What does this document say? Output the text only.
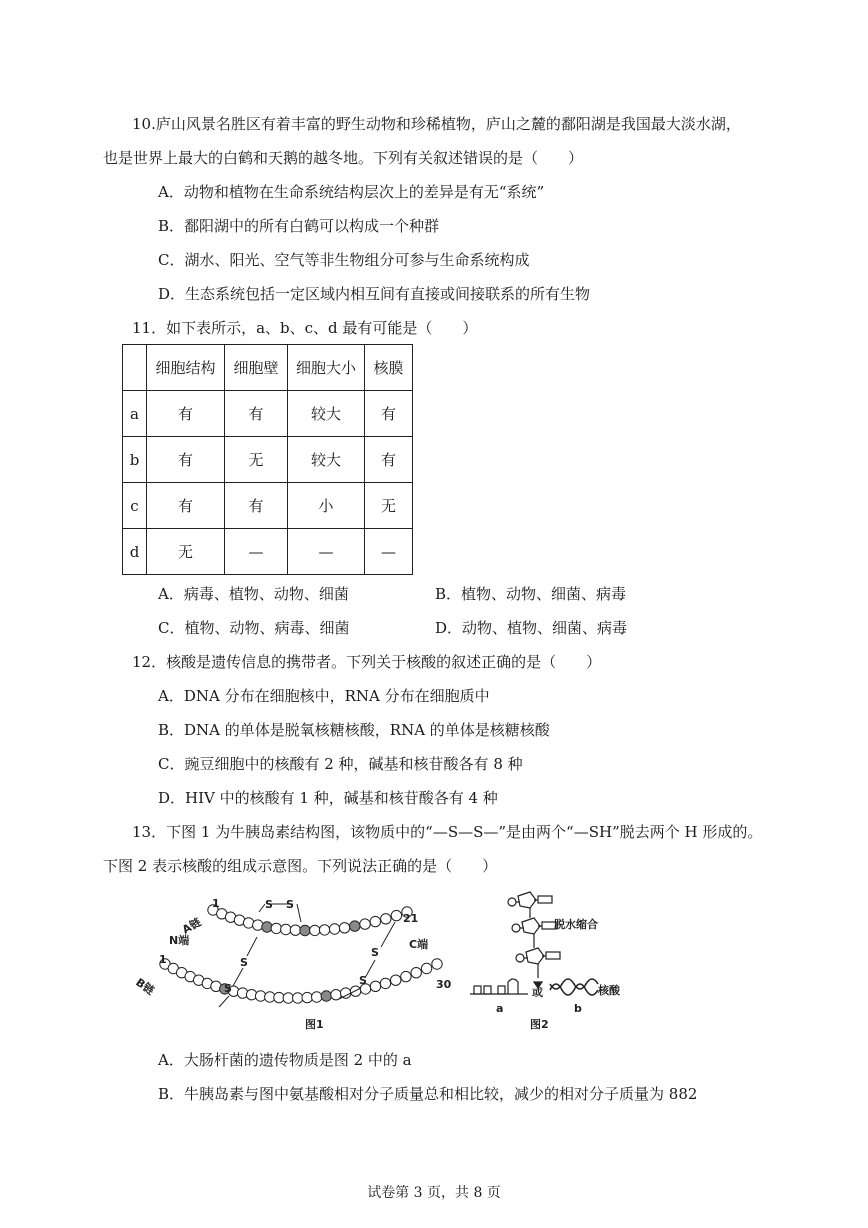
10.庐山风景名胜区有着丰富的野生动物和珍稀植物，庐山之麓的鄱阳湖是我国最大淡水湖，
也是世界上最大的白鹤和天鹅的越冬地。下列有关叙述错误的是（　　）
A．动物和植物在生命系统结构层次上的差异是有无“系统”
B．鄱阳湖中的所有白鹤可以构成一个种群
C．湖水、阳光、空气等非生物组分可参与生命系统构成
D．生态系统包括一定区域内相互间有直接或间接联系的所有生物
11．如下表所示，a、b、c、d 最有可能是（　　）
	细胞结构	细胞壁	细胞大小	核膜
a	有	有	较大	有
b	有	无	较大	有
c	有	有	小	无
d	无	—	—	—
A．病毒、植物、动物、细菌	B．植物、动物、细菌、病毒
C．植物、动物、病毒、细菌	D．动物、植物、细菌、病毒
12．核酸是遗传信息的携带者。下列关于核酸的叙述正确的是（　　）
A．DNA 分布在细胞核中，RNA 分布在细胞质中
B．DNA 的单体是脱氧核糖核酸，RNA 的单体是核糖核酸
C．豌豆细胞中的核酸有 2 种，碱基和核苷酸各有 8 种
D．HIV 中的核酸有 1 种，碱基和核苷酸各有 4 种
13．下图 1 为牛胰岛素结构图，该物质中的“—S—S—”是由两个“—SH”脱去两个 H 形成的。
下图 2 表示核酸的组成示意图。下列说法正确的是（　　）
S S
S
S
S
S
1
21
1
30
A链
N端	C端
B链
图1
脱水缩合
或	核酸
a	b
图2
A．大肠杆菌的遗传物质是图 2 中的 a
B．牛胰岛素与图中氨基酸相对分子质量总和相比较，减少的相对分子质量为 882
试卷第 3 页，共 8 页
